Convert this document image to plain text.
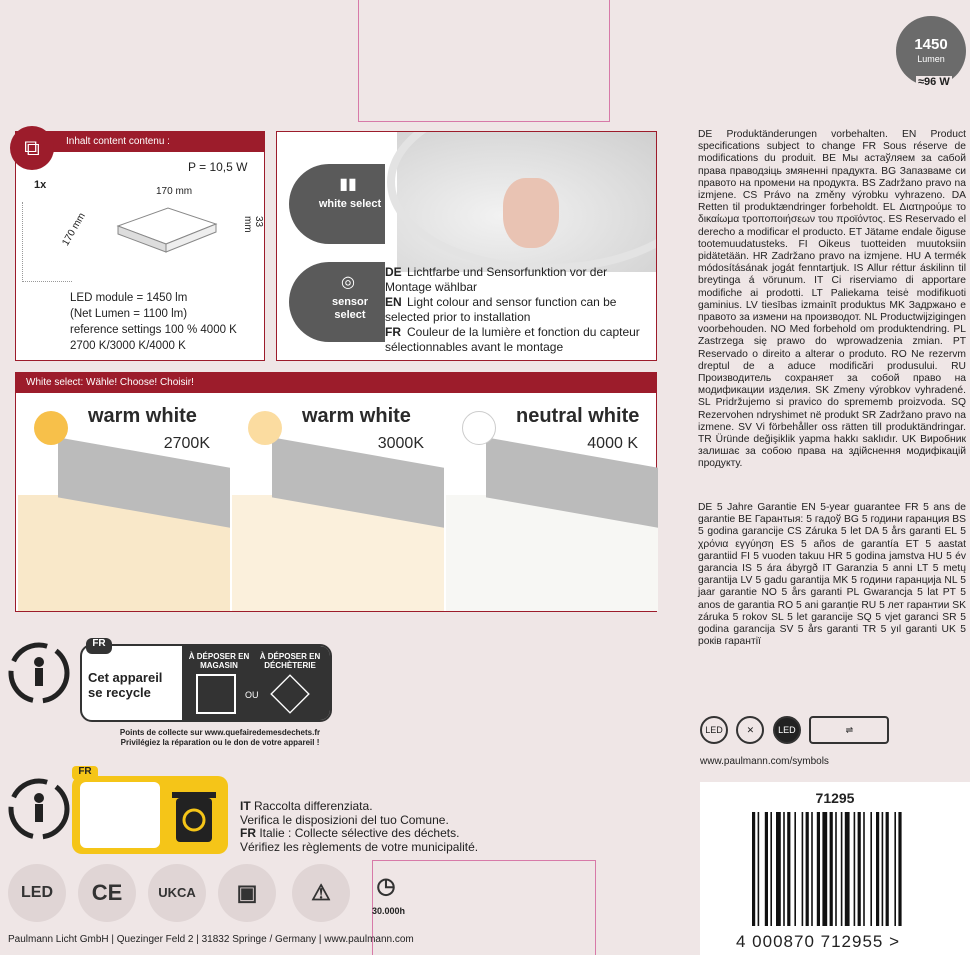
1450
Lumen
≈96 W
Inhalt content contenu :
⧉
P = 10,5 W
1x
170 mm
170 mm	33 mm
LED module = 1450 lm
(Net Lumen = 1100 lm)
reference settings 100 % 4000 K
2700 K/3000 K/4000 K
▮▮
white select
◎
sensor select
DE Lichtfarbe und Sensorfunktion vor der Montage wählbar
EN Light colour and sensor function can be selected prior to installation
FR Couleur de la lumière et fonction du capteur sélectionnables avant le montage
White select: Wähle! Choose! Choisir!
warm white
2700K
warm white
3000K
neutral white
4000 K
FR
Cet appareil se recycle
À DÉPOSER EN MAGASIN
À DÉPOSER EN DÉCHÈTERIE
OU
Points de collecte sur www.quefairedemesdechets.fr
Privilégiez la réparation ou le don de votre appareil !
FR
IT Raccolta differenziata.
Verifica le disposizioni del tuo Comune.
FR Italie : Collecte sélective des déchets.
Vérifiez les règlements de votre municipalité.
LED	CE	UKCA	▣	⚠	◷
30.000h
Paulmann Licht GmbH | Quezinger Feld 2 | 31832 Springe / Germany | www.paulmann.com
DE Produktänderungen vorbehalten. EN Product specifications subject to change FR Sous réserve de modifications du produit. BE Мы астаўляем за сабой права праводзіць змяненні прадукта. BG Запазваме си правото на промени на продукта. BS Zadržano pravo na izmjene. CS Právo na změny výrobku vyhrazeno. DA Retten til produktændringer forbeholdt. EL Διατηρούμε το δικαίωμα τροποποιήσεων του προϊόντος. ES Reservado el derecho a modificar el producto. ET Jätame endale õiguse tootemuudatusteks. FI Oikeus tuotteiden muutoksiin pidätetään. HR Zadržano pravo na izmjene. HU A termék módosításának jogát fenntartjuk. IS Allur réttur áskilinn til breytinga á vörunum. IT Ci riserviamo di apportare modifiche ai prodotti. LT Paliekama teisė modifikuoti gaminius. LV tiesības izmainīt produktus MK Задржано е правото за измени на производот. NL Productwijzigingen voorbehouden. NO Med forbehold om produktendring. PL Zastrzega się prawo do wprowadzenia zmian. PT Reservado o direito a alterar o produto. RO Ne rezervm dreptul de a aduce modificări produsului. RU Производитель сохраняет за собой право на модификации изделия. SK Zmeny výrobkov vyhradené. SL Pridržujemo si pravico do sprememb proizvoda. SQ Rezervohen ndryshimet në produkt SR Zadržano pravo na izmene. SV Vi förbehåller oss rätten till produktändringar. TR Üründe değişiklik yapma hakkı saklıdır. UK Виробник залишає за собою права на здійснення модифікацій продукту.
DE 5 Jahre Garantie EN 5-year guarantee FR 5 ans de garantie BE Гарантыя: 5 гадоў BG 5 години гаранция BS 5 godina garancije CS Záruka 5 let DA 5 års garanti EL 5 χρόνια εγγύηση ES 5 años de garantía ET 5 aastat garantiid FI 5 vuoden takuu HR 5 godina jamstva HU 5 év garancia IS 5 ára ábyrgð IT Garanzia 5 anni LT 5 metų garantija LV 5 gadu garantija MK 5 години гаранција NL 5 jaar garantie NO 5 års garanti PL Gwarancja 5 lat PT 5 anos de garantia RO 5 ani garanție RU 5 лет гарантии SK záruka 5 rokov SL 5 let garancije SQ 5 vjet garanci SR 5 godina garancija SV 5 års garanti TR 5 yıl garanti UK 5 років гарантії
LED	✕	LED	⇌
www.paulmann.com/symbols
71295
4 000870 712955 >
